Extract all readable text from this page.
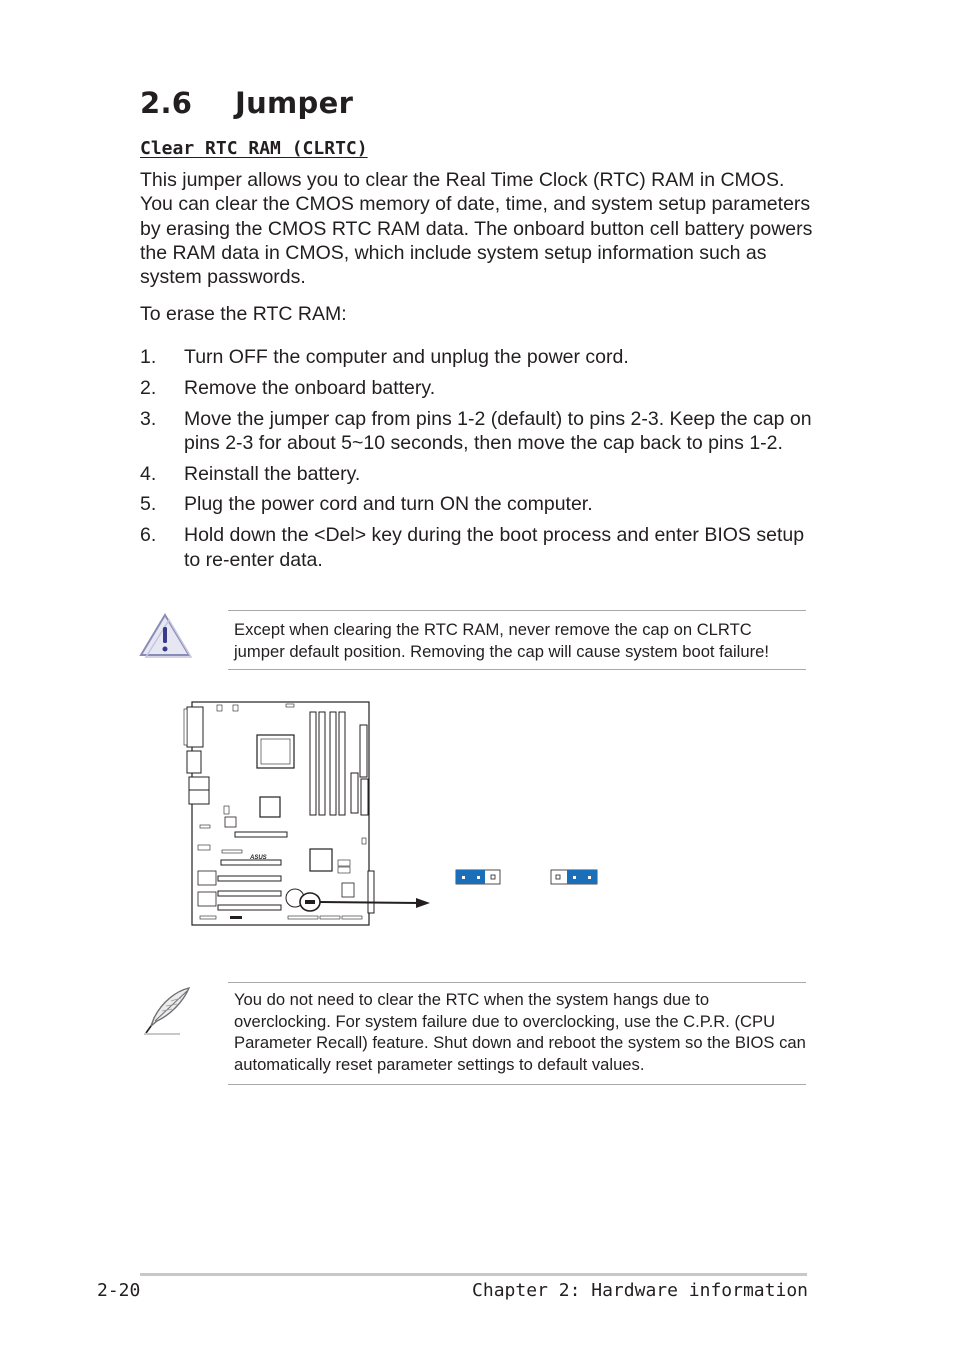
2.6 Jumper
Clear RTC RAM (CLRTC)

This jumper allows you to clear the Real Time Clock (RTC) RAM in CMOS. You can clear the CMOS memory of date, time, and system setup parameters by erasing the CMOS RTC RAM data. The onboard button cell battery powers the RAM data in CMOS, which include system setup information such as system passwords.

To erase the RTC RAM:

1. Turn OFF the computer and unplug the power cord.
2. Remove the onboard battery.
3. Move the jumper cap from pins 1-2 (default) to pins 2-3. Keep the cap on pins 2-3 for about 5~10 seconds, then move the cap back to pins 1-2.
4. Reinstall the battery.
5. Plug the power cord and turn ON the computer.
6. Hold down the <Del> key during the boot process and enter BIOS setup to re-enter data.
Except when clearing the RTC RAM, never remove the cap on CLRTC jumper default position. Removing the cap will cause system boot failure!
ASUS
You do not need to clear the RTC when the system hangs due to overclocking. For system failure due to overclocking, use the C.P.R. (CPU Parameter Recall) feature. Shut down and reboot the system so the BIOS can automatically reset parameter settings to default values.
2-20	Chapter 2: Hardware information
